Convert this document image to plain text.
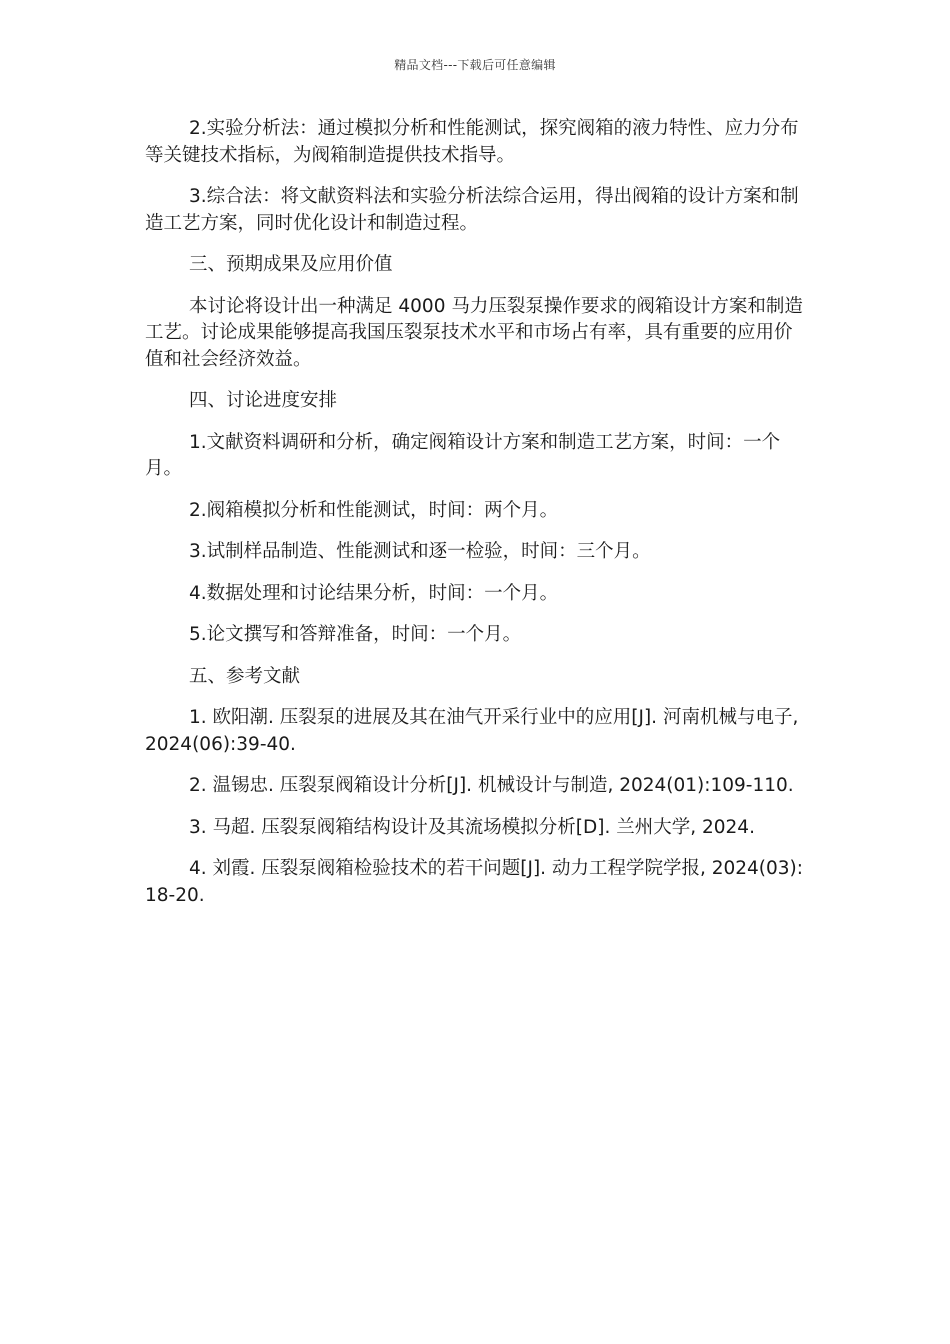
精品文档---下载后可任意编辑

2.实验分析法：通过模拟分析和性能测试，探究阀箱的液力特性、应力分布等关键技术指标，为阀箱制造提供技术指导。

3.综合法：将文献资料法和实验分析法综合运用，得出阀箱的设计方案和制造工艺方案，同时优化设计和制造过程。

三、预期成果及应用价值

本讨论将设计出一种满足 4000 马力压裂泵操作要求的阀箱设计方案和制造工艺。讨论成果能够提高我国压裂泵技术水平和市场占有率，具有重要的应用价值和社会经济效益。

四、讨论进度安排

1.文献资料调研和分析，确定阀箱设计方案和制造工艺方案，时间：一个月。

2.阀箱模拟分析和性能测试，时间：两个月。

3.试制样品制造、性能测试和逐一检验，时间：三个月。

4.数据处理和讨论结果分析，时间：一个月。

5.论文撰写和答辩准备，时间：一个月。

五、参考文献

1. 欧阳潮. 压裂泵的进展及其在油气开采行业中的应用[J]. 河南机械与电子, 2024(06):39-40.

2. 温锡忠. 压裂泵阀箱设计分析[J]. 机械设计与制造, 2024(01):109-110.

3. 马超. 压裂泵阀箱结构设计及其流场模拟分析[D]. 兰州大学, 2024.

4. 刘霞. 压裂泵阀箱检验技术的若干问题[J]. 动力工程学院学报, 2024(03):18-20.
